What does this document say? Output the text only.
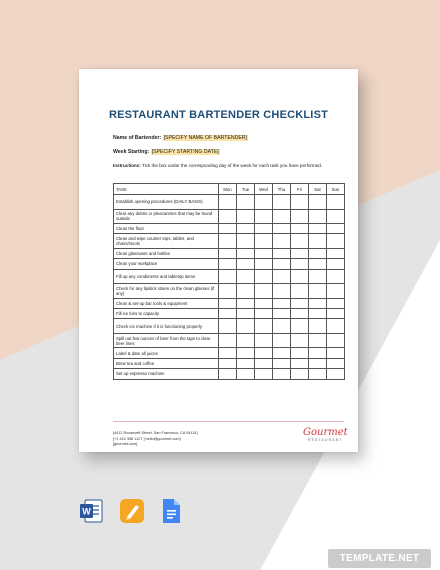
RESTAURANT BARTENDER CHECKLIST
Name of Bartender: [SPECIFY NAME OF BARTENDER]
Week Starting: [SPECIFY STARTING DATE]
Instructions: Tick the box under the corresponding day of the week for each task you have performed.
TASK	Mon	Tue	Wed	Thu	Fri	Sat	Sun
Establish opening procedures (DAILY BASIS)							
Clear any debris or pleacantries that may be found outside							
Clean the floor							
Clean and wipe counter tops, tables, and chairs/stools							
Clean glassware and bottles							
Clean your workplace							
Fill up any condiments and tabletop items							
Check for any lipstick stains on the clean glasses (if any)							
Clean & set-up bar tools & equipment							
Fill ice bins to capacity							
Check ice machine if it is functioning properly							
Spill out few ounces of beer from the taps to clear beer lines							
Label & date all juices							
Brew tea and coffee							
Set up espresso machine							
[4412 Roosevelt Street, San Francisco, CA 94114]
[+1 415 358 1127 ] hello@gourmet.com]
[gourmet.com]
Gourmet
RESTAURANT
W
TEMPLATE.NET
